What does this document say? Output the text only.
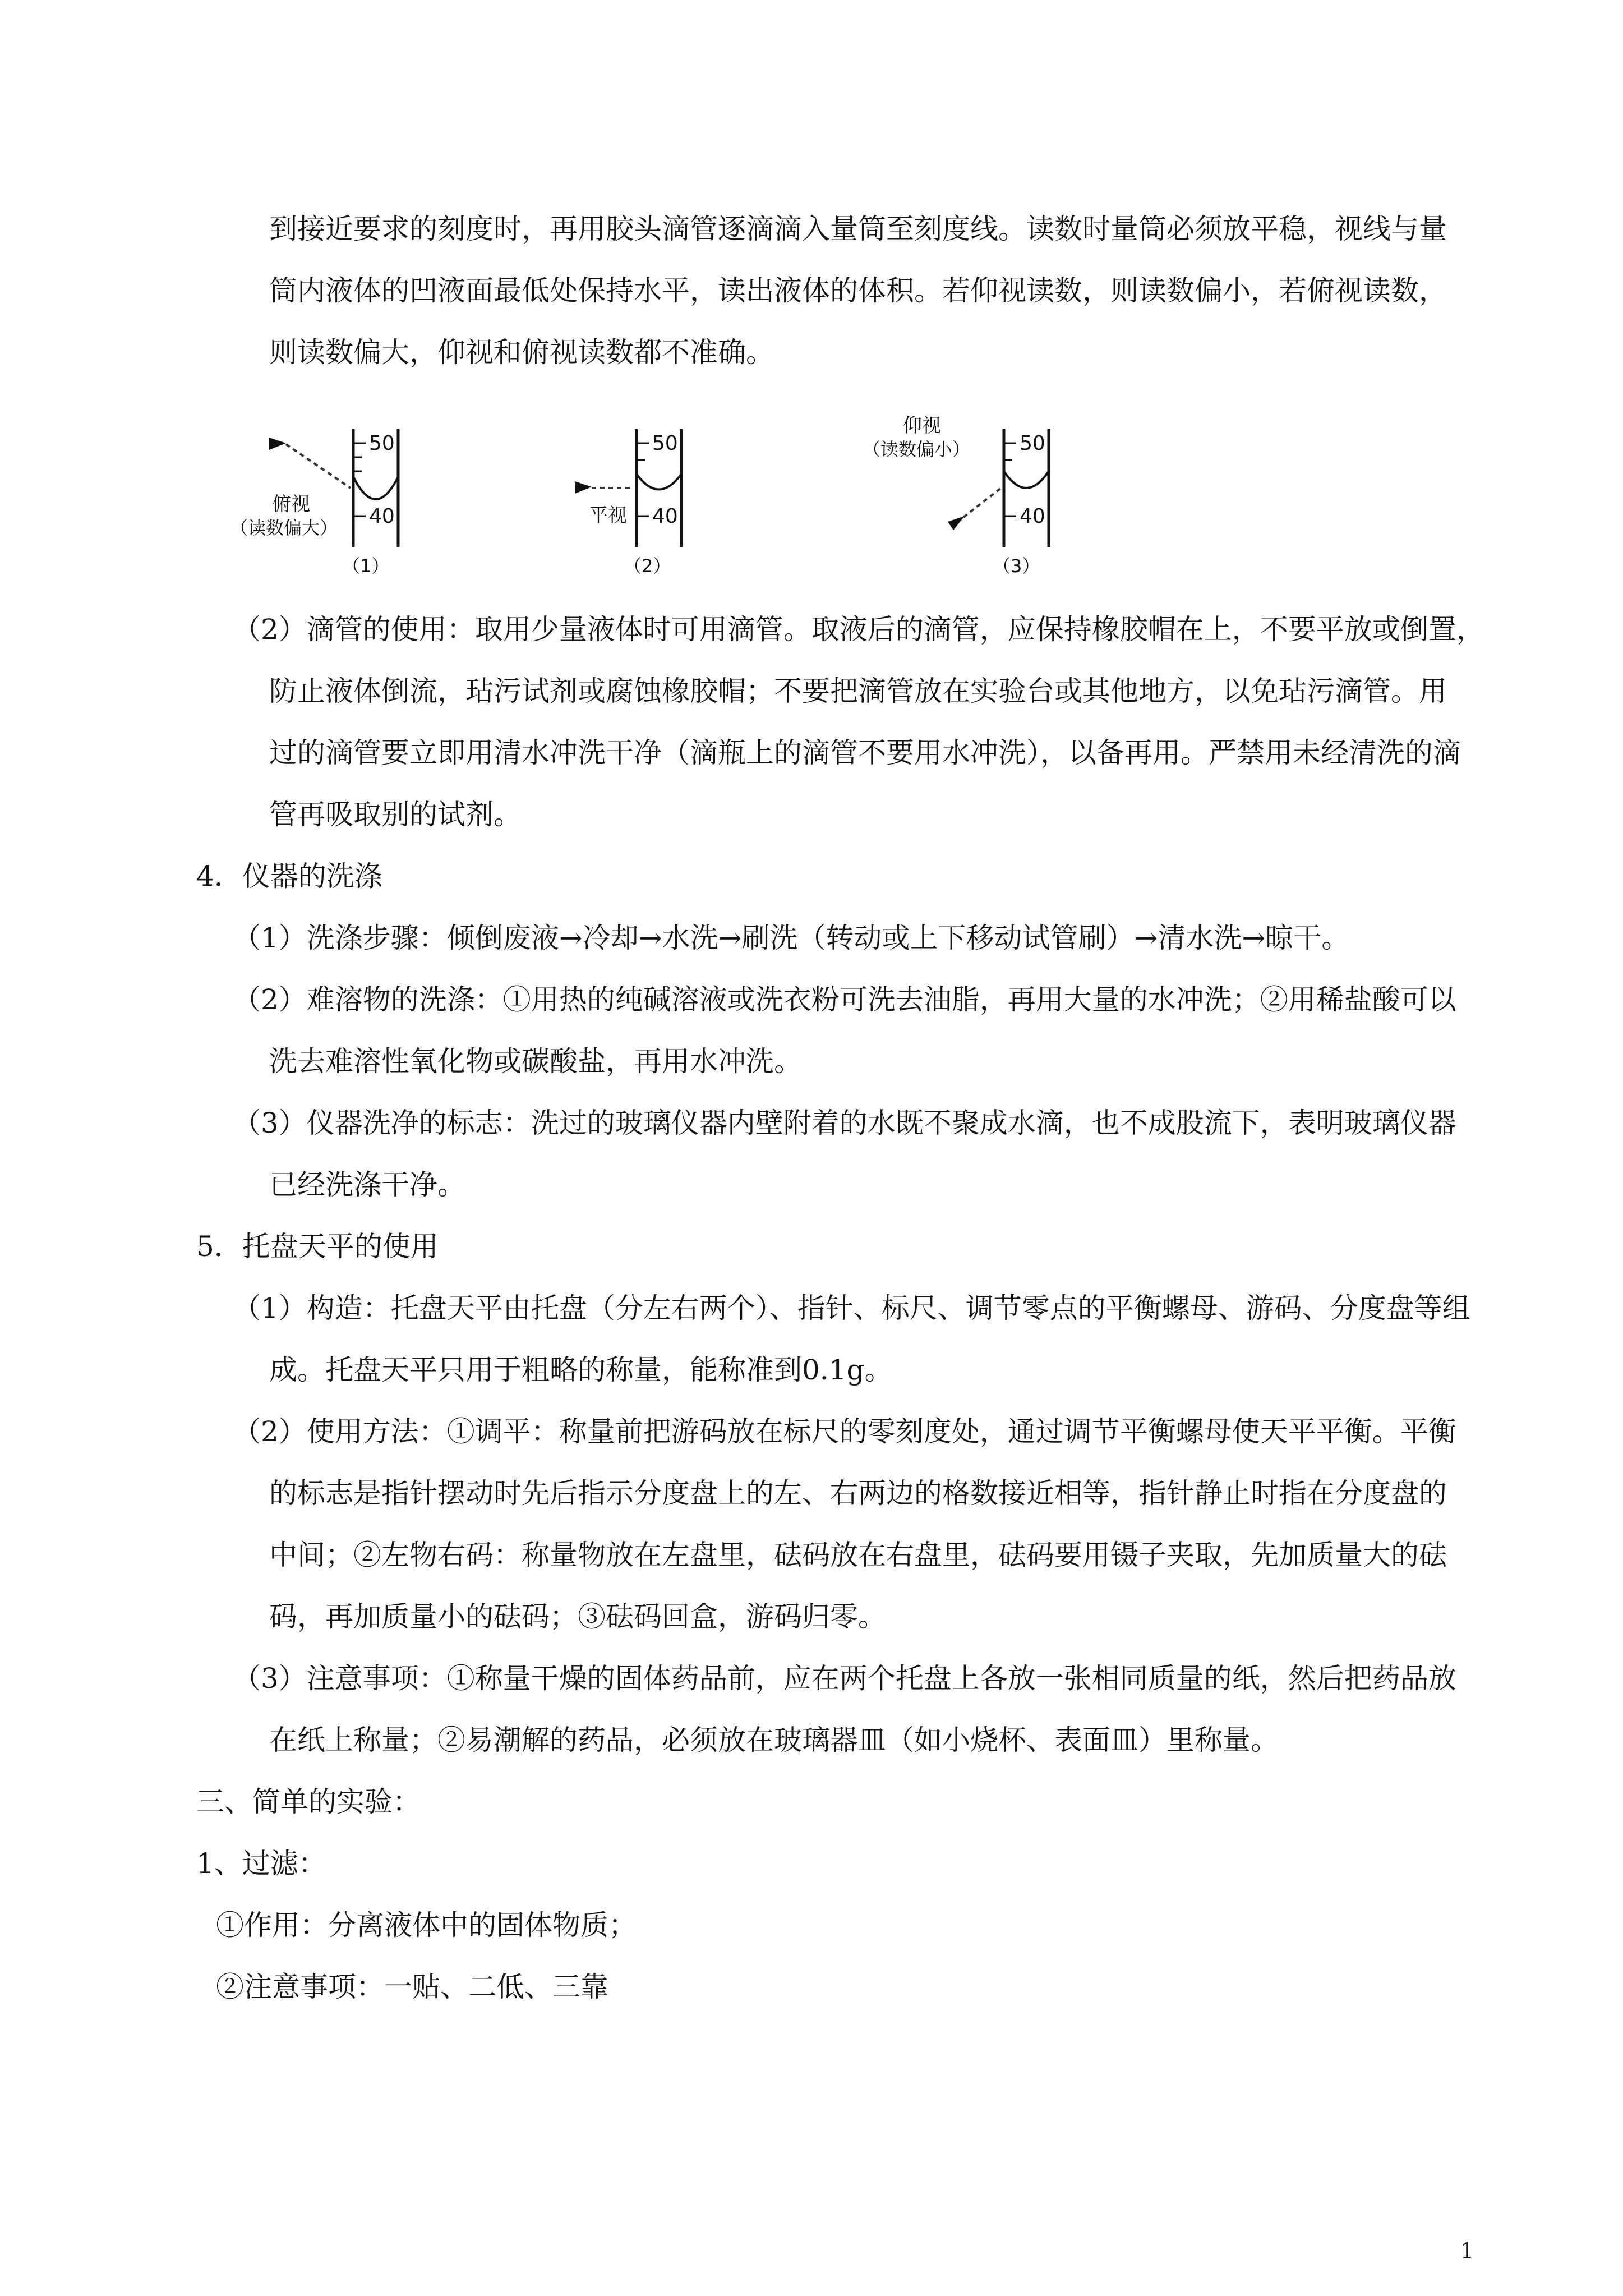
到接近要求的刻度时，再用胶头滴管逐滴滴入量筒至刻度线。读数时量筒必须放平稳，视线与量
筒内液体的凹液面最低处保持水平，读出液体的体积。若仰视读数，则读数偏小，若俯视读数，
则读数偏大，仰视和俯视读数都不准确。
50
40
俯视
（读数偏大）
（1）
50
40
平视
（2）
50
40
仰视
（读数偏小）
（3）
（2）滴管的使用：取用少量液体时可用滴管。取液后的滴管，应保持橡胶帽在上，不要平放或倒置，
防止液体倒流，玷污试剂或腐蚀橡胶帽；不要把滴管放在实验台或其他地方，以免玷污滴管。用
过的滴管要立即用清水冲洗干净（滴瓶上的滴管不要用水冲洗），以备再用。严禁用未经清洗的滴
管再吸取别的试剂。
4．仪器的洗涤
（1）洗涤步骤：倾倒废液→冷却→水洗→刷洗（转动或上下移动试管刷）→清水洗→晾干。
（2）难溶物的洗涤：①用热的纯碱溶液或洗衣粉可洗去油脂，再用大量的水冲洗；②用稀盐酸可以
洗去难溶性氧化物或碳酸盐，再用水冲洗。
（3）仪器洗净的标志：洗过的玻璃仪器内壁附着的水既不聚成水滴，也不成股流下，表明玻璃仪器
已经洗涤干净。
5．托盘天平的使用
（1）构造：托盘天平由托盘（分左右两个）、指针、标尺、调节零点的平衡螺母、游码、分度盘等组
成。托盘天平只用于粗略的称量，能称准到0.1g。
（2）使用方法：①调平：称量前把游码放在标尺的零刻度处，通过调节平衡螺母使天平平衡。平衡
的标志是指针摆动时先后指示分度盘上的左、右两边的格数接近相等，指针静止时指在分度盘的
中间；②左物右码：称量物放在左盘里，砝码放在右盘里，砝码要用镊子夹取，先加质量大的砝
码，再加质量小的砝码；③砝码回盒，游码归零。
（3）注意事项：①称量干燥的固体药品前，应在两个托盘上各放一张相同质量的纸，然后把药品放
在纸上称量；②易潮解的药品，必须放在玻璃器皿（如小烧杯、表面皿）里称量。
三、简单的实验：
1、过滤：
①作用：分离液体中的固体物质；
②注意事项：一贴、二低、三靠
1
